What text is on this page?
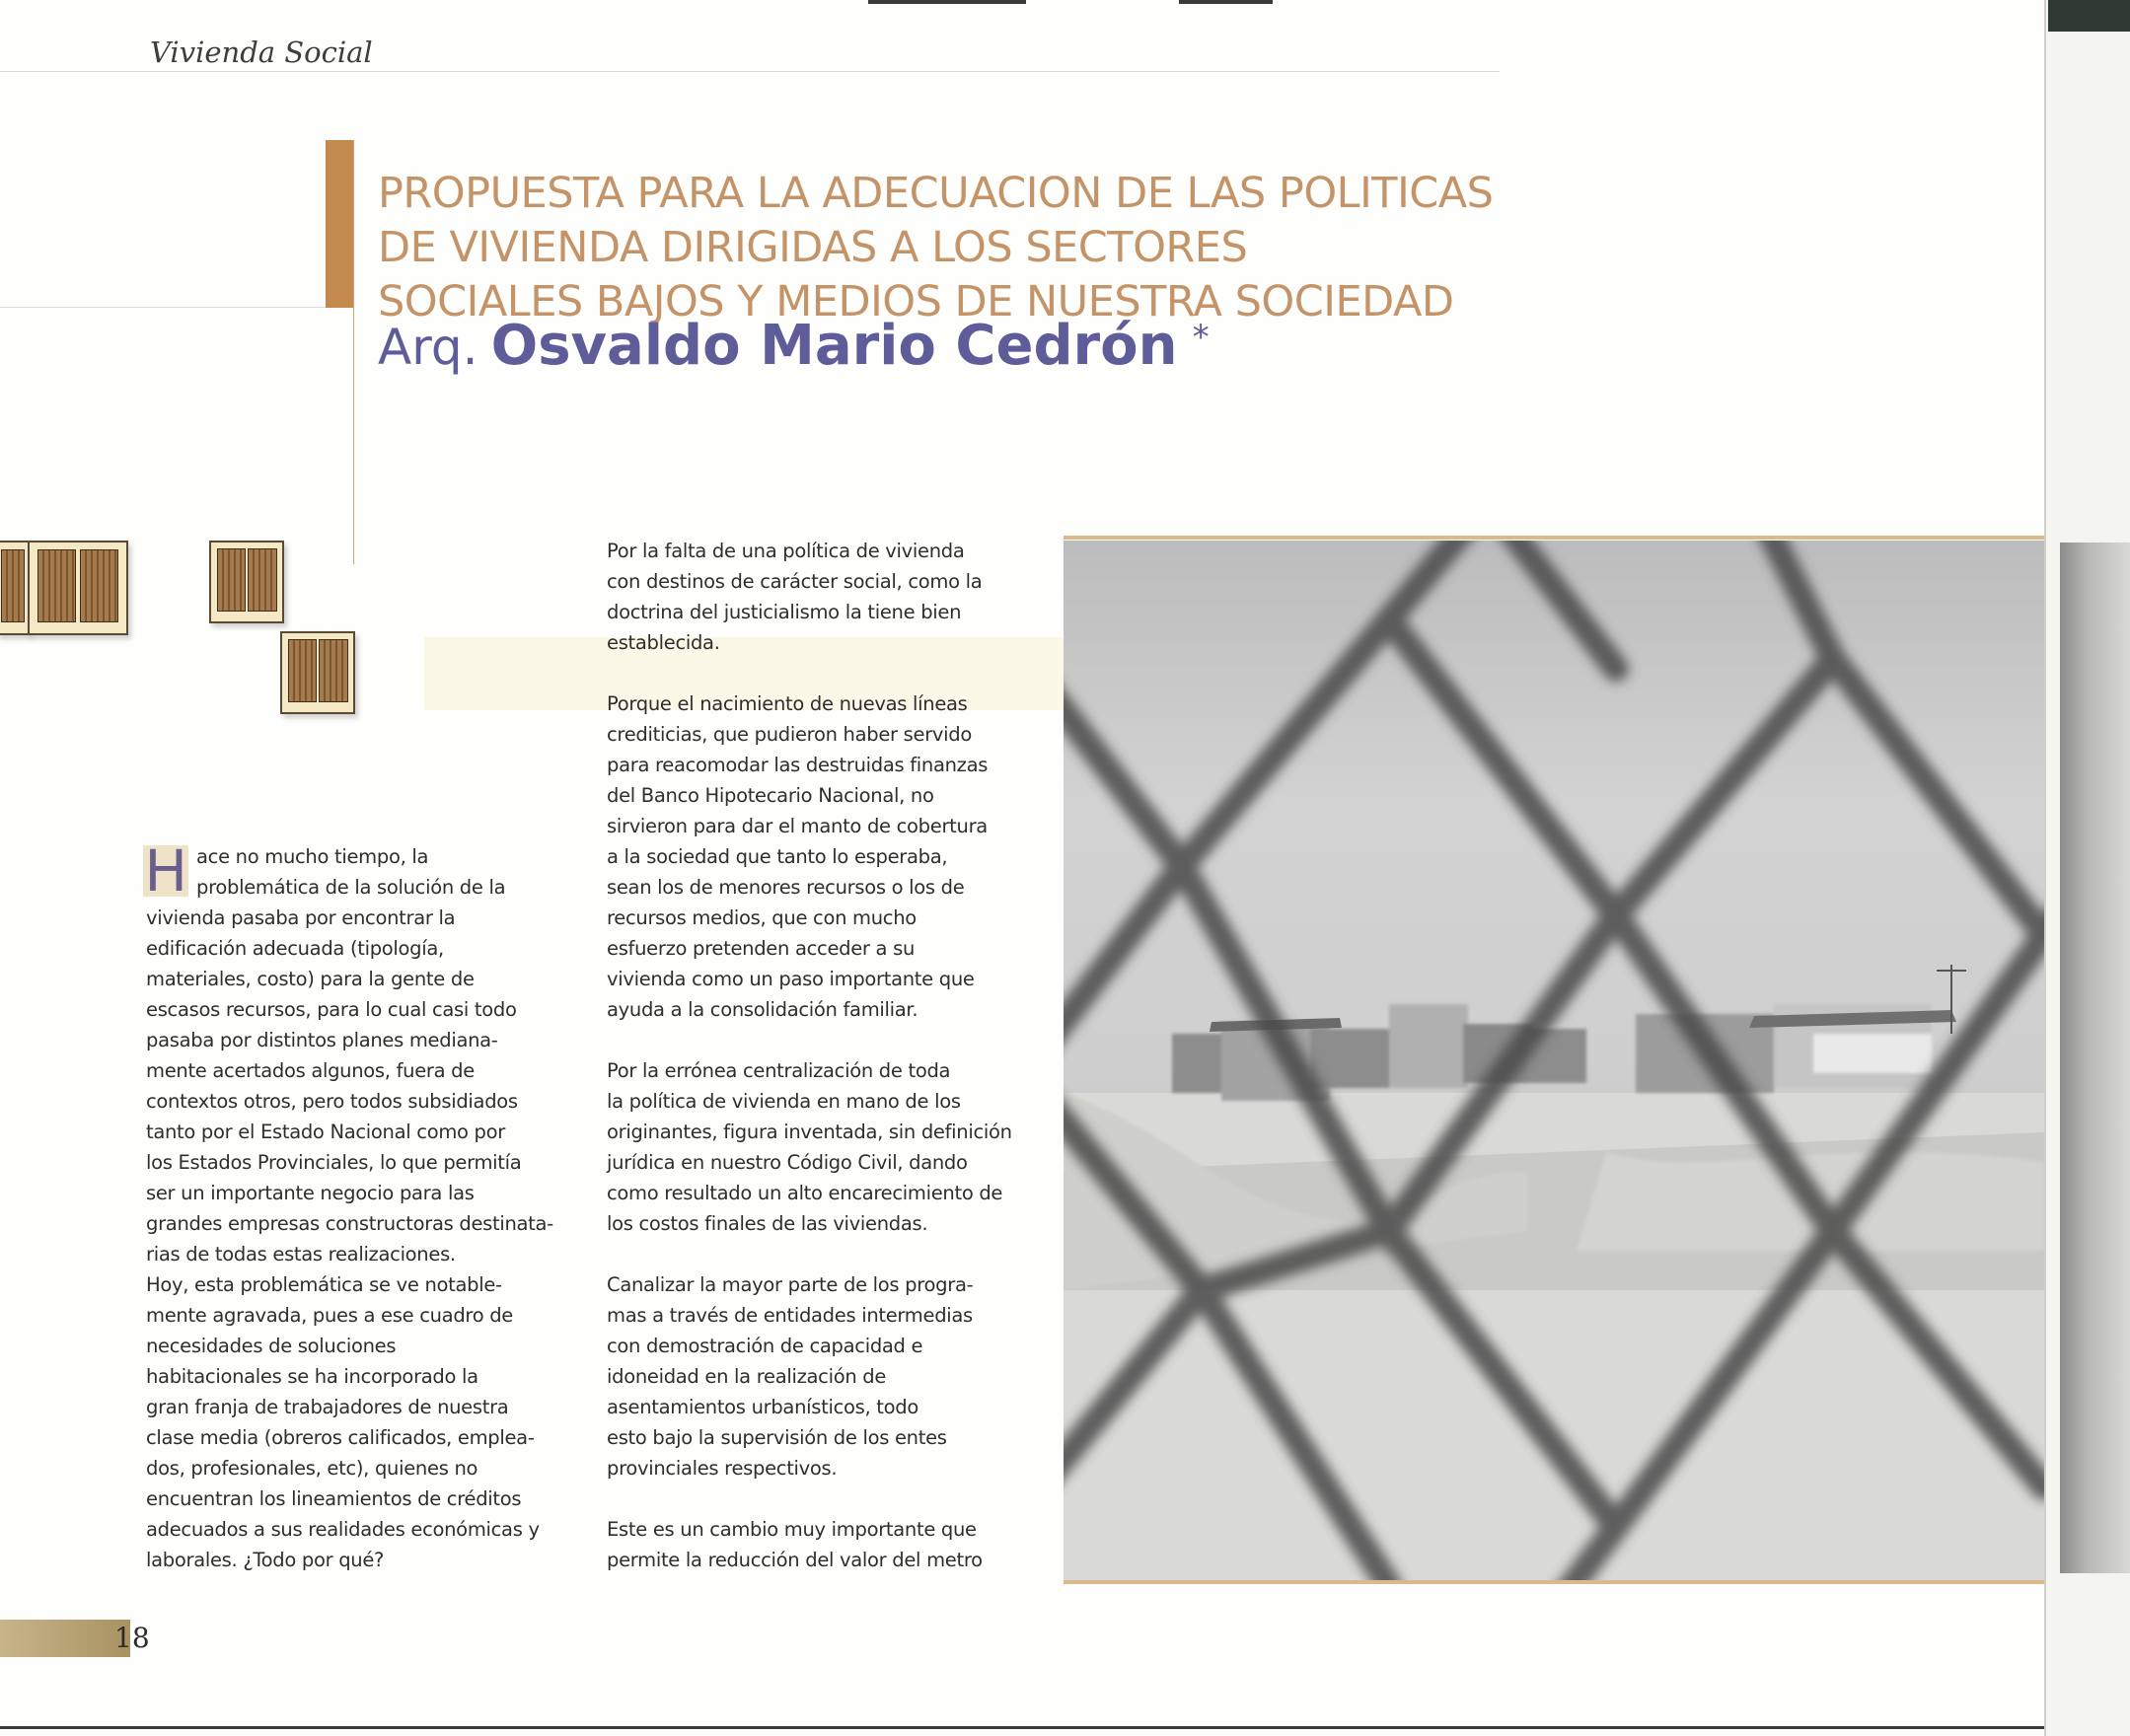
Vivienda Social
PROPUESTA PARA LA ADECUACION DE LAS POLITICAS
DE VIVIENDA DIRIGIDAS A LOS SECTORES
SOCIALES BAJOS Y MEDIOS DE NUESTRA SOCIEDAD
Arq. Osvaldo Mario Cedrón *
H ace no mucho tiempo, la
problemática de la solución de la
vivienda pasaba por encontrar la
edificación adecuada (tipología,
materiales, costo) para la gente de
escasos recursos, para lo cual casi todo
pasaba por distintos planes mediana-
mente acertados algunos, fuera de
contextos otros, pero todos subsidiados
tanto por el Estado Nacional como por
los Estados Provinciales, lo que permitía
ser un importante negocio para las
grandes empresas constructoras destinata-
rias de todas estas realizaciones.

Hoy, esta problemática se ve notable-
mente agravada, pues a ese cuadro de
necesidades de soluciones
habitacionales se ha incorporado la
gran franja de trabajadores de nuestra
clase media (obreros calificados, emplea-
dos, profesionales, etc), quienes no
encuentran los lineamientos de créditos
adecuados a sus realidades económicas y
laborales. ¿Todo por qué?

Por la falta de una política de vivienda
con destinos de carácter social, como la
doctrina del justicialismo la tiene bien
establecida.

Porque el nacimiento de nuevas líneas
crediticias, que pudieron haber servido
para reacomodar las destruidas finanzas
del Banco Hipotecario Nacional, no
sirvieron para dar el manto de cobertura
a la sociedad que tanto lo esperaba,
sean los de menores recursos o los de
recursos medios, que con mucho
esfuerzo pretenden acceder a su
vivienda como un paso importante que
ayuda a la consolidación familiar.

Por la errónea centralización de toda
la política de vivienda en mano de los
originantes, figura inventada, sin definición
jurídica en nuestro Código Civil, dando
como resultado un alto encarecimiento de
los costos finales de las viviendas.

Canalizar la mayor parte de los progra-
mas a través de entidades intermedias
con demostración de capacidad e
idoneidad en la realización de
asentamientos urbanísticos, todo
esto bajo la supervisión de los entes
provinciales respectivos.

Este es un cambio muy importante que
permite la reducción del valor del metro

18
